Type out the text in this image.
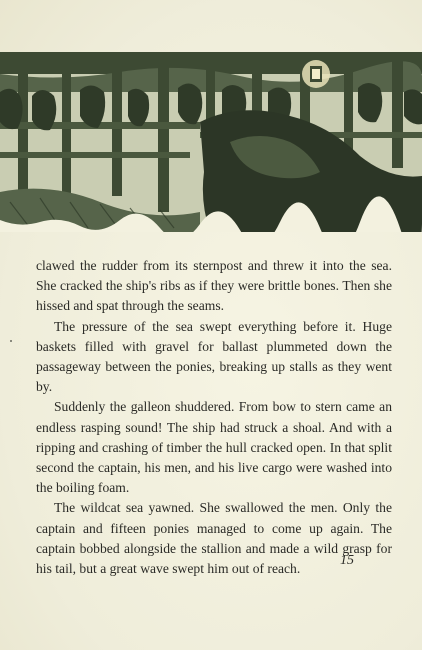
clawed the rudder from its sternpost and threw it into the sea. She cracked the ship's ribs as if they were brittle bones. Then she hissed and spat through the seams.

The pressure of the sea swept everything before it. Huge baskets filled with gravel for ballast plummeted down the passageway between the ponies, breaking up stalls as they went by.

Suddenly the galleon shuddered. From bow to stern came an endless rasping sound! The ship had struck a shoal. And with a ripping and crashing of timber the hull cracked open. In that split second the captain, his men, and his live cargo were washed into the boiling foam.

The wildcat sea yawned. She swallowed the men. Only the captain and fifteen ponies managed to come up again. The captain bobbed alongside the stallion and made a wild grasp for his tail, but a great wave swept him out of reach.

15
